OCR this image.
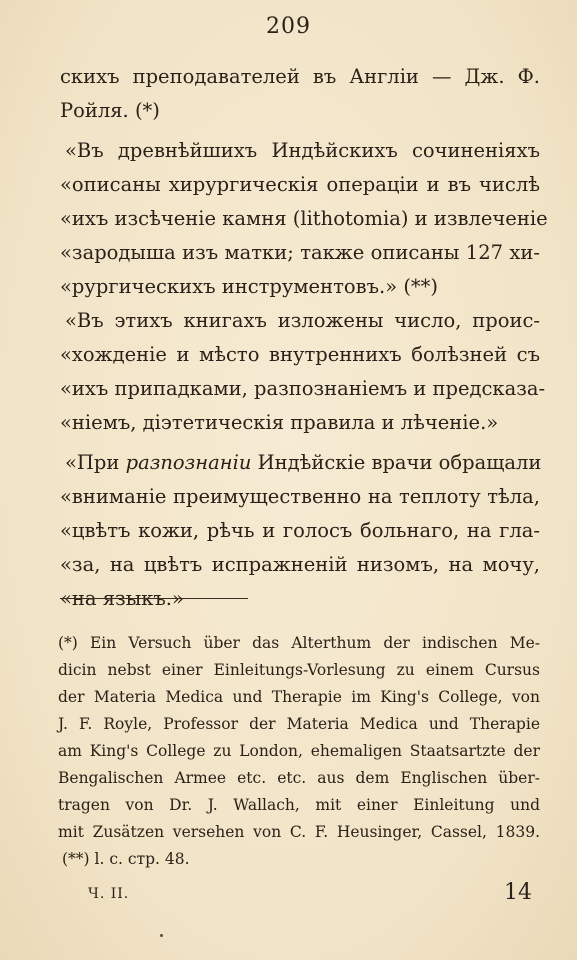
209
скихъ преподавателей въ Англіи — Дж. Ф.
Ройля. (*)
«Въ древнѣйшихъ Индѣйскихъ сочиненіяхъ
«описаны хирургическія операціи и въ числѣ
«ихъ изсѣченіе камня (lithotomia) и извлеченіе
«зародыша изъ матки; также описаны 127 хи-
«рургическихъ инструментовъ.» (**)
«Въ этихъ книгахъ изложены число, проис-
«хожденіе и мѣсто внутреннихъ болѣзней съ
«ихъ припадками, разпознаніемъ и предсказа-
«ніемъ, діэтетическія правила и лѣченіе.»
«При разпознаніи Индѣйскіе врачи обращали
«вниманіе преимущественно на теплоту тѣла,
«цвѣтъ кожи, рѣчь и голосъ больнаго, на гла-
«за, на цвѣтъ испражненій низомъ, на мочу,
«на языкъ.»
(*) Ein Versuch über das Alterthum der indischen Me-
dicin nebst einer Einleitungs-Vorlesung zu einem Cursus
der Materia Medica und Therapie im King's College, von
J. F. Royle, Professor der Materia Medica und Therapie
am King's College zu London, ehemaligen Staatsartzte der
Bengalischen Armee etc. etc. aus dem Englischen über-
tragen von Dr. J. Wallach, mit einer Einleitung und
mit Zusätzen versehen von C. F. Heusinger, Cassel, 1839.
(**) l. c. стр. 48.
Ч. II.	14
